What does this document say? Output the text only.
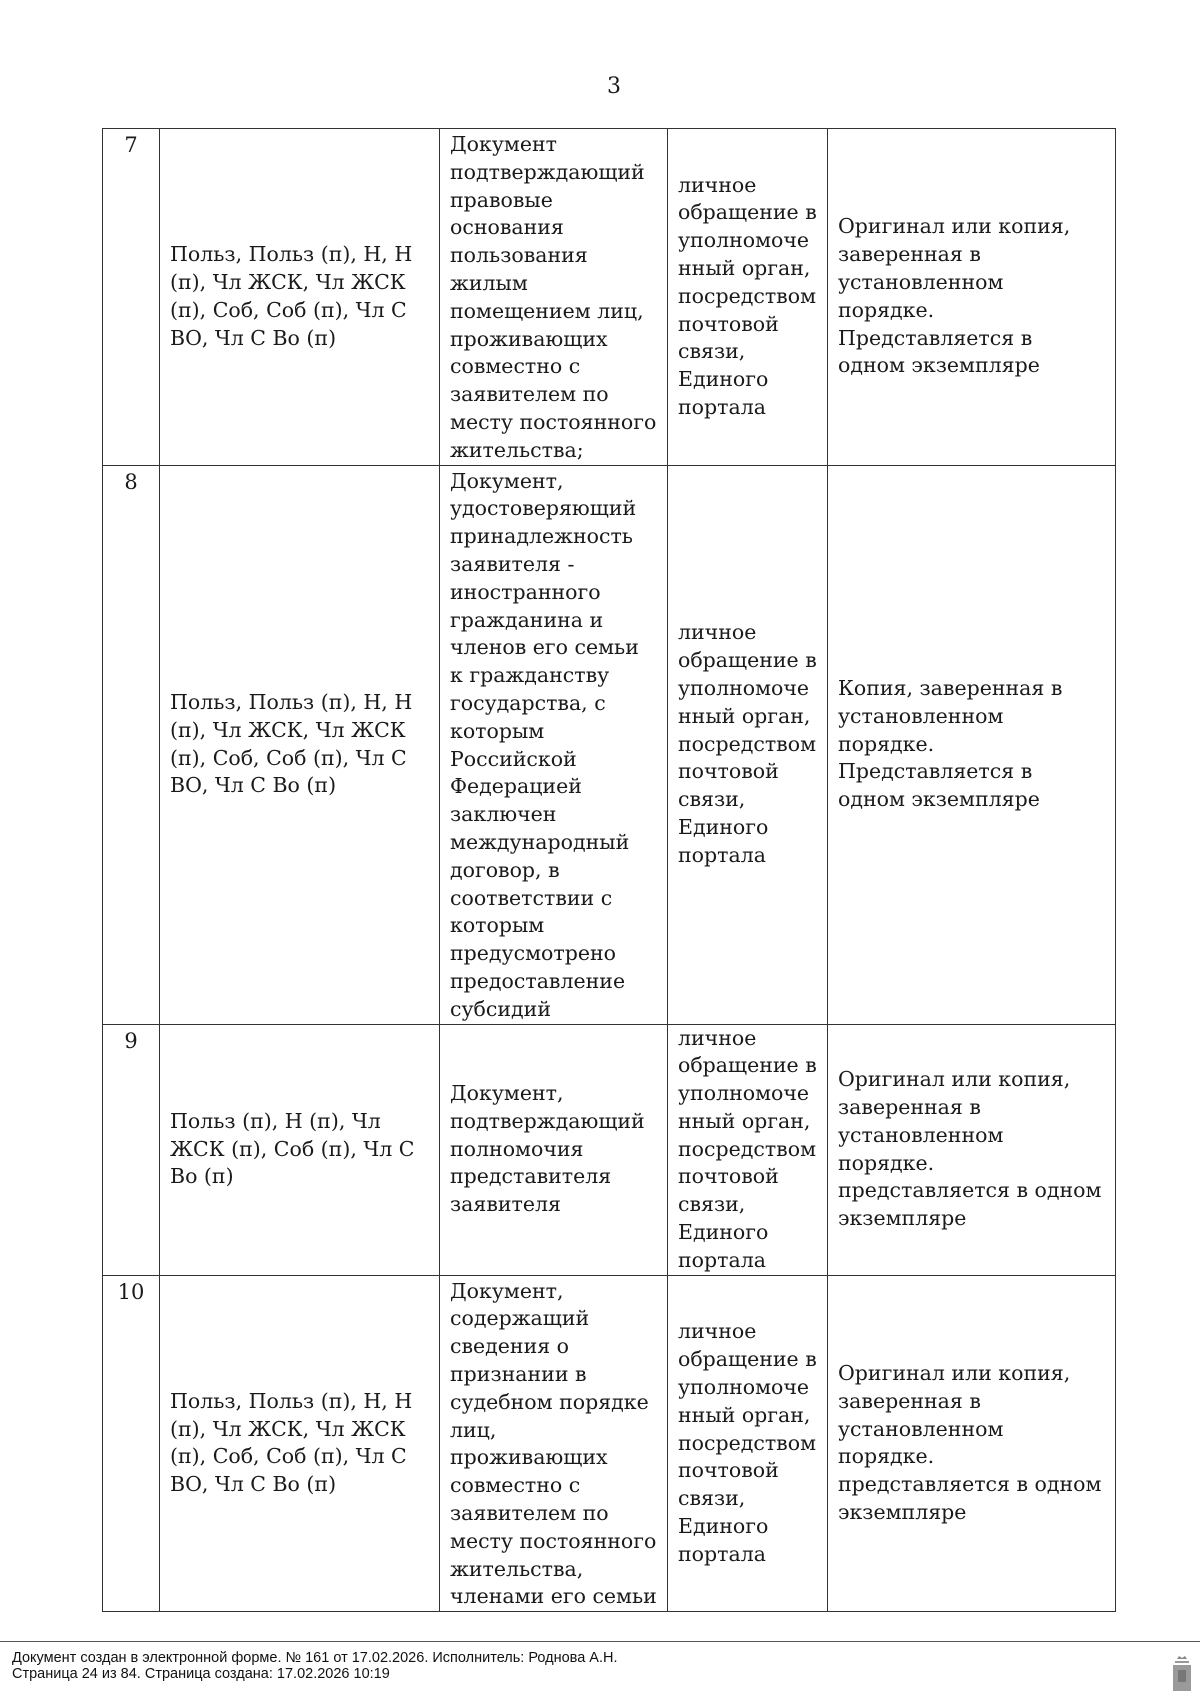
3
7	Польз, Польз (п), Н, Н (п), Чл ЖСК, Чл ЖСК (п), Соб, Соб (п), Чл С ВО, Чл С Во (п)	Документ подтверждающий правовые основания пользования жилым помещением лиц, проживающих совместно с заявителем по месту постоянного жительства;	личное обращение в уполномоченный орган, посредством почтовой связи, Единого портала	Оригинал или копия, заверенная в установленном порядке. Представляется в одном экземпляре
8	Польз, Польз (п), Н, Н (п), Чл ЖСК, Чл ЖСК (п), Соб, Соб (п), Чл С ВО, Чл С Во (п)	Документ, удостоверяющий принадлежность заявителя - иностранного гражданина и членов его семьи к гражданству государства, с которым Российской Федерацией заключен международный договор, в соответствии с которым предусмотрено предоставление субсидий	личное обращение в уполномоченный орган, посредством почтовой связи, Единого портала	Копия, заверенная в установленном порядке. Представляется в одном экземпляре
9	Польз (п), Н (п), Чл ЖСК (п), Соб (п), Чл С Во (п)	Документ, подтверждающий полномочия представителя заявителя	личное обращение в уполномоченный орган, посредством почтовой связи, Единого портала	Оригинал или копия, заверенная в установленном порядке. представляется в одном экземпляре
10	Польз, Польз (п), Н, Н (п), Чл ЖСК, Чл ЖСК (п), Соб, Соб (п), Чл С ВО, Чл С Во (п)	Документ, содержащий сведения о признании в судебном порядке лиц, проживающих совместно с заявителем по месту постоянного жительства, членами его семьи	личное обращение в уполномоченный орган, посредством почтовой связи, Единого портала	Оригинал или копия, заверенная в установленном порядке. представляется в одном экземпляре
Документ создан в электронной форме. № 161 от 17.02.2026. Исполнитель: Роднова А.Н.
Страница 24 из 84. Страница создана: 17.02.2026 10:19
